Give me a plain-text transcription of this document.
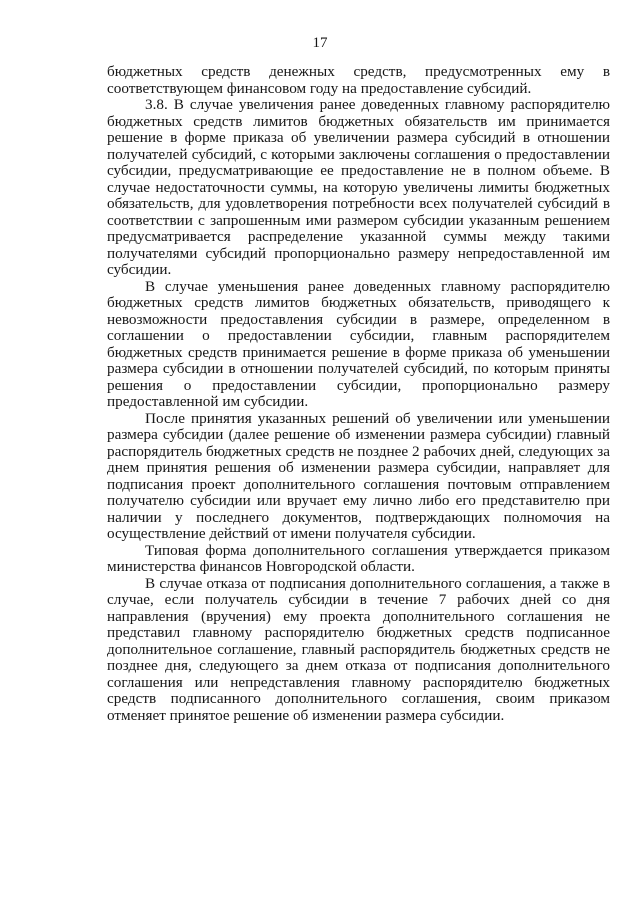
17

бюджетных средств денежных средств, предусмотренных ему в соответствующем финансовом году на предоставление субсидий.

3.8. В случае увеличения ранее доведенных главному распорядителю бюджетных средств лимитов бюджетных обязательств им принимается решение в форме приказа об увеличении размера субсидий в отношении получателей субсидий, с которыми заключены соглашения о предоставлении субсидии, предусматривающие ее предоставление не в полном объеме. В случае недостаточности суммы, на которую увеличены лимиты бюджетных обязательств, для удовлетворения потребности всех получателей субсидий в соответствии с запрошенным ими размером субсидии указанным решением предусматривается распределение указанной суммы между такими получателями субсидий пропорционально размеру непредоставленной им субсидии.

В случае уменьшения ранее доведенных главному распорядителю бюджетных средств лимитов бюджетных обязательств, приводящего к невозможности предоставления субсидии в размере, определенном в соглашении о предоставлении субсидии, главным распорядителем бюджетных средств принимается решение в форме приказа об уменьшении размера субсидии в отношении получателей субсидий, по которым приняты решения о предоставлении субсидии, пропорционально размеру предоставленной им субсидии.

После принятия указанных решений об увеличении или уменьшении размера субсидии (далее решение об изменении размера субсидии) главный распорядитель бюджетных средств не позднее 2 рабочих дней, следующих за днем принятия решения об изменении размера субсидии, направляет для подписания проект дополнительного соглашения почтовым отправлением получателю субсидии или вручает ему лично либо его представителю при наличии у последнего документов, подтверждающих полномочия на осуществление действий от имени получателя субсидии.

Типовая форма дополнительного соглашения утверждается приказом министерства финансов Новгородской области.

В случае отказа от подписания дополнительного соглашения, а также в случае, если получатель субсидии в течение 7 рабочих дней со дня направления (вручения) ему проекта дополнительного соглашения не представил главному распорядителю бюджетных средств подписанное дополнительное соглашение, главный распорядитель бюджетных средств не позднее дня, следующего за днем отказа от подписания дополнительного соглашения или непредставления главному распорядителю бюджетных средств подписанного дополнительного соглашения, своим приказом отменяет принятое решение об изменении размера субсидии.
